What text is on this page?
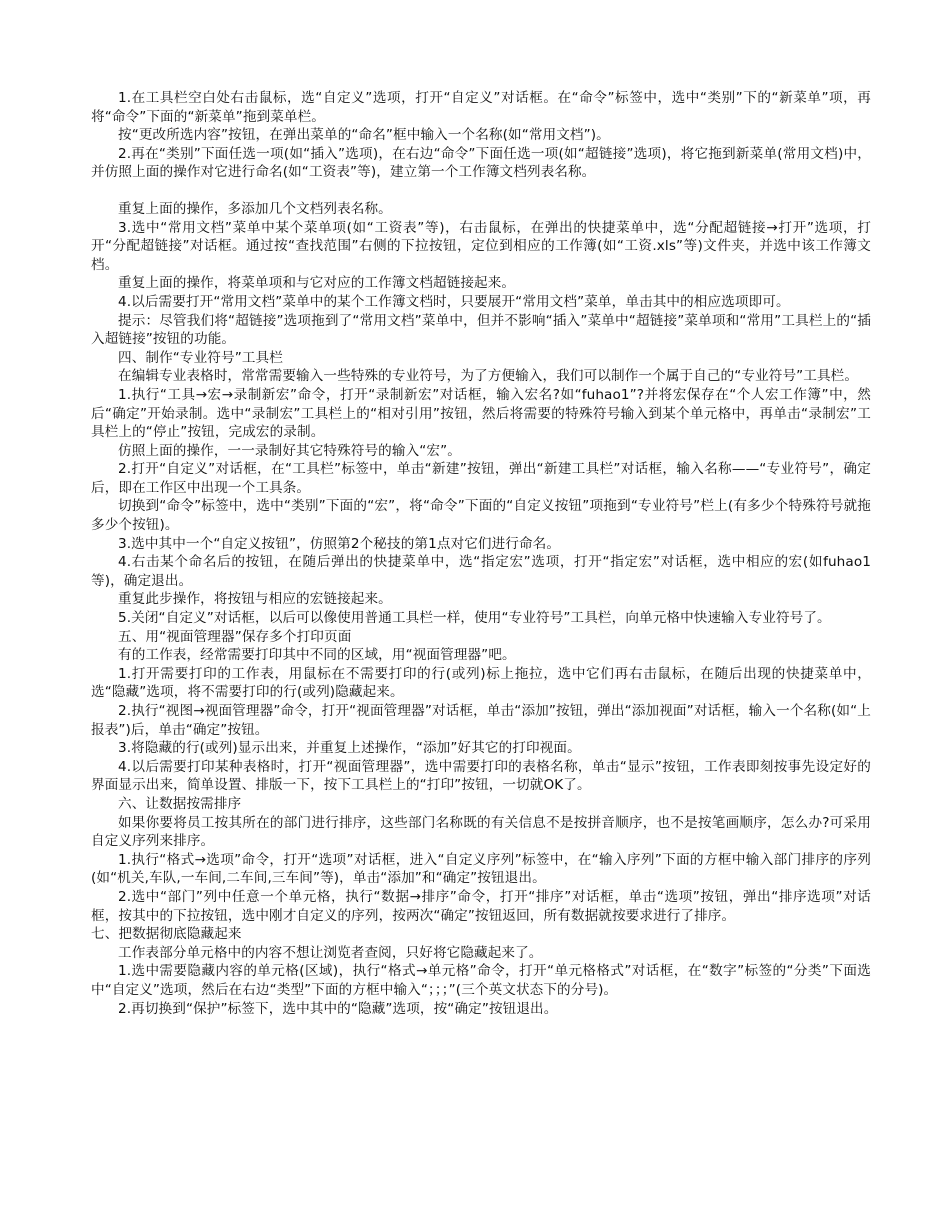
1.在工具栏空白处右击鼠标，选“自定义”选项，打开“自定义”对话框。在“命令”标签中，选中“类别”下的“新菜单”项，再将“命令”下面的“新菜单”拖到菜单栏。

按“更改所选内容”按钮，在弹出菜单的“命名”框中输入一个名称(如“常用文档”)。

2.再在“类别”下面任选一项(如“插入”选项)，在右边“命令”下面任选一项(如“超链接”选项)，将它拖到新菜单(常用文档)中，并仿照上面的操作对它进行命名(如“工资表”等)，建立第一个工作簿文档列表名称。

重复上面的操作，多添加几个文档列表名称。

3.选中“常用文档”菜单中某个菜单项(如“工资表”等)，右击鼠标，在弹出的快捷菜单中，选“分配超链接→打开”选项，打开“分配超链接”对话框。通过按“查找范围”右侧的下拉按钮，定位到相应的工作簿(如“工资.xls”等)文件夹，并选中该工作簿文档。

重复上面的操作，将菜单项和与它对应的工作簿文档超链接起来。

4.以后需要打开“常用文档”菜单中的某个工作簿文档时，只要展开“常用文档”菜单，单击其中的相应选项即可。

提示：尽管我们将“超链接”选项拖到了“常用文档”菜单中，但并不影响“插入”菜单中“超链接”菜单项和“常用”工具栏上的“插入超链接”按钮的功能。

四、制作“专业符号”工具栏

在编辑专业表格时，常常需要输入一些特殊的专业符号，为了方便输入，我们可以制作一个属于自己的“专业符号”工具栏。

1.执行“工具→宏→录制新宏”命令，打开“录制新宏”对话框，输入宏名?如“fuhao1”?并将宏保存在“个人宏工作簿”中，然后“确定”开始录制。选中“录制宏”工具栏上的“相对引用”按钮，然后将需要的特殊符号输入到某个单元格中，再单击“录制宏”工具栏上的“停止”按钮，完成宏的录制。

仿照上面的操作，一一录制好其它特殊符号的输入“宏”。

2.打开“自定义”对话框，在“工具栏”标签中，单击“新建”按钮，弹出“新建工具栏”对话框，输入名称——“专业符号”，确定后，即在工作区中出现一个工具条。

切换到“命令”标签中，选中“类别”下面的“宏”，将“命令”下面的“自定义按钮”项拖到“专业符号”栏上(有多少个特殊符号就拖多少个按钮)。

3.选中其中一个“自定义按钮”，仿照第2个秘技的第1点对它们进行命名。

4.右击某个命名后的按钮，在随后弹出的快捷菜单中，选“指定宏”选项，打开“指定宏”对话框，选中相应的宏(如fuhao1等)，确定退出。

重复此步操作，将按钮与相应的宏链接起来。

5.关闭“自定义”对话框，以后可以像使用普通工具栏一样，使用“专业符号”工具栏，向单元格中快速输入专业符号了。

五、用“视面管理器”保存多个打印页面

有的工作表，经常需要打印其中不同的区域，用“视面管理器”吧。

1.打开需要打印的工作表，用鼠标在不需要打印的行(或列)标上拖拉，选中它们再右击鼠标，在随后出现的快捷菜单中，选“隐藏”选项，将不需要打印的行(或列)隐藏起来。

2.执行“视图→视面管理器”命令，打开“视面管理器”对话框，单击“添加”按钮，弹出“添加视面”对话框，输入一个名称(如“上报表”)后，单击“确定”按钮。

3.将隐藏的行(或列)显示出来，并重复上述操作，“添加”好其它的打印视面。

4.以后需要打印某种表格时，打开“视面管理器”，选中需要打印的表格名称，单击“显示”按钮，工作表即刻按事先设定好的界面显示出来，简单设置、排版一下，按下工具栏上的“打印”按钮，一切就OK了。

六、让数据按需排序

如果你要将员工按其所在的部门进行排序，这些部门名称既的有关信息不是按拼音顺序，也不是按笔画顺序，怎么办?可采用自定义序列来排序。

1.执行“格式→选项”命令，打开“选项”对话框，进入“自定义序列”标签中，在“输入序列”下面的方框中输入部门排序的序列(如“机关,车队,一车间,二车间,三车间”等)，单击“添加”和“确定”按钮退出。

2.选中“部门”列中任意一个单元格，执行“数据→排序”命令，打开“排序”对话框，单击“选项”按钮，弹出“排序选项”对话框，按其中的下拉按钮，选中刚才自定义的序列，按两次“确定”按钮返回，所有数据就按要求进行了排序。

七、把数据彻底隐藏起来

工作表部分单元格中的内容不想让浏览者查阅，只好将它隐藏起来了。

1.选中需要隐藏内容的单元格(区域)，执行“格式→单元格”命令，打开“单元格格式”对话框，在“数字”标签的“分类”下面选中“自定义”选项，然后在右边“类型”下面的方框中输入“；；；”(三个英文状态下的分号)。

2.再切换到“保护”标签下，选中其中的“隐藏”选项，按“确定”按钮退出。
